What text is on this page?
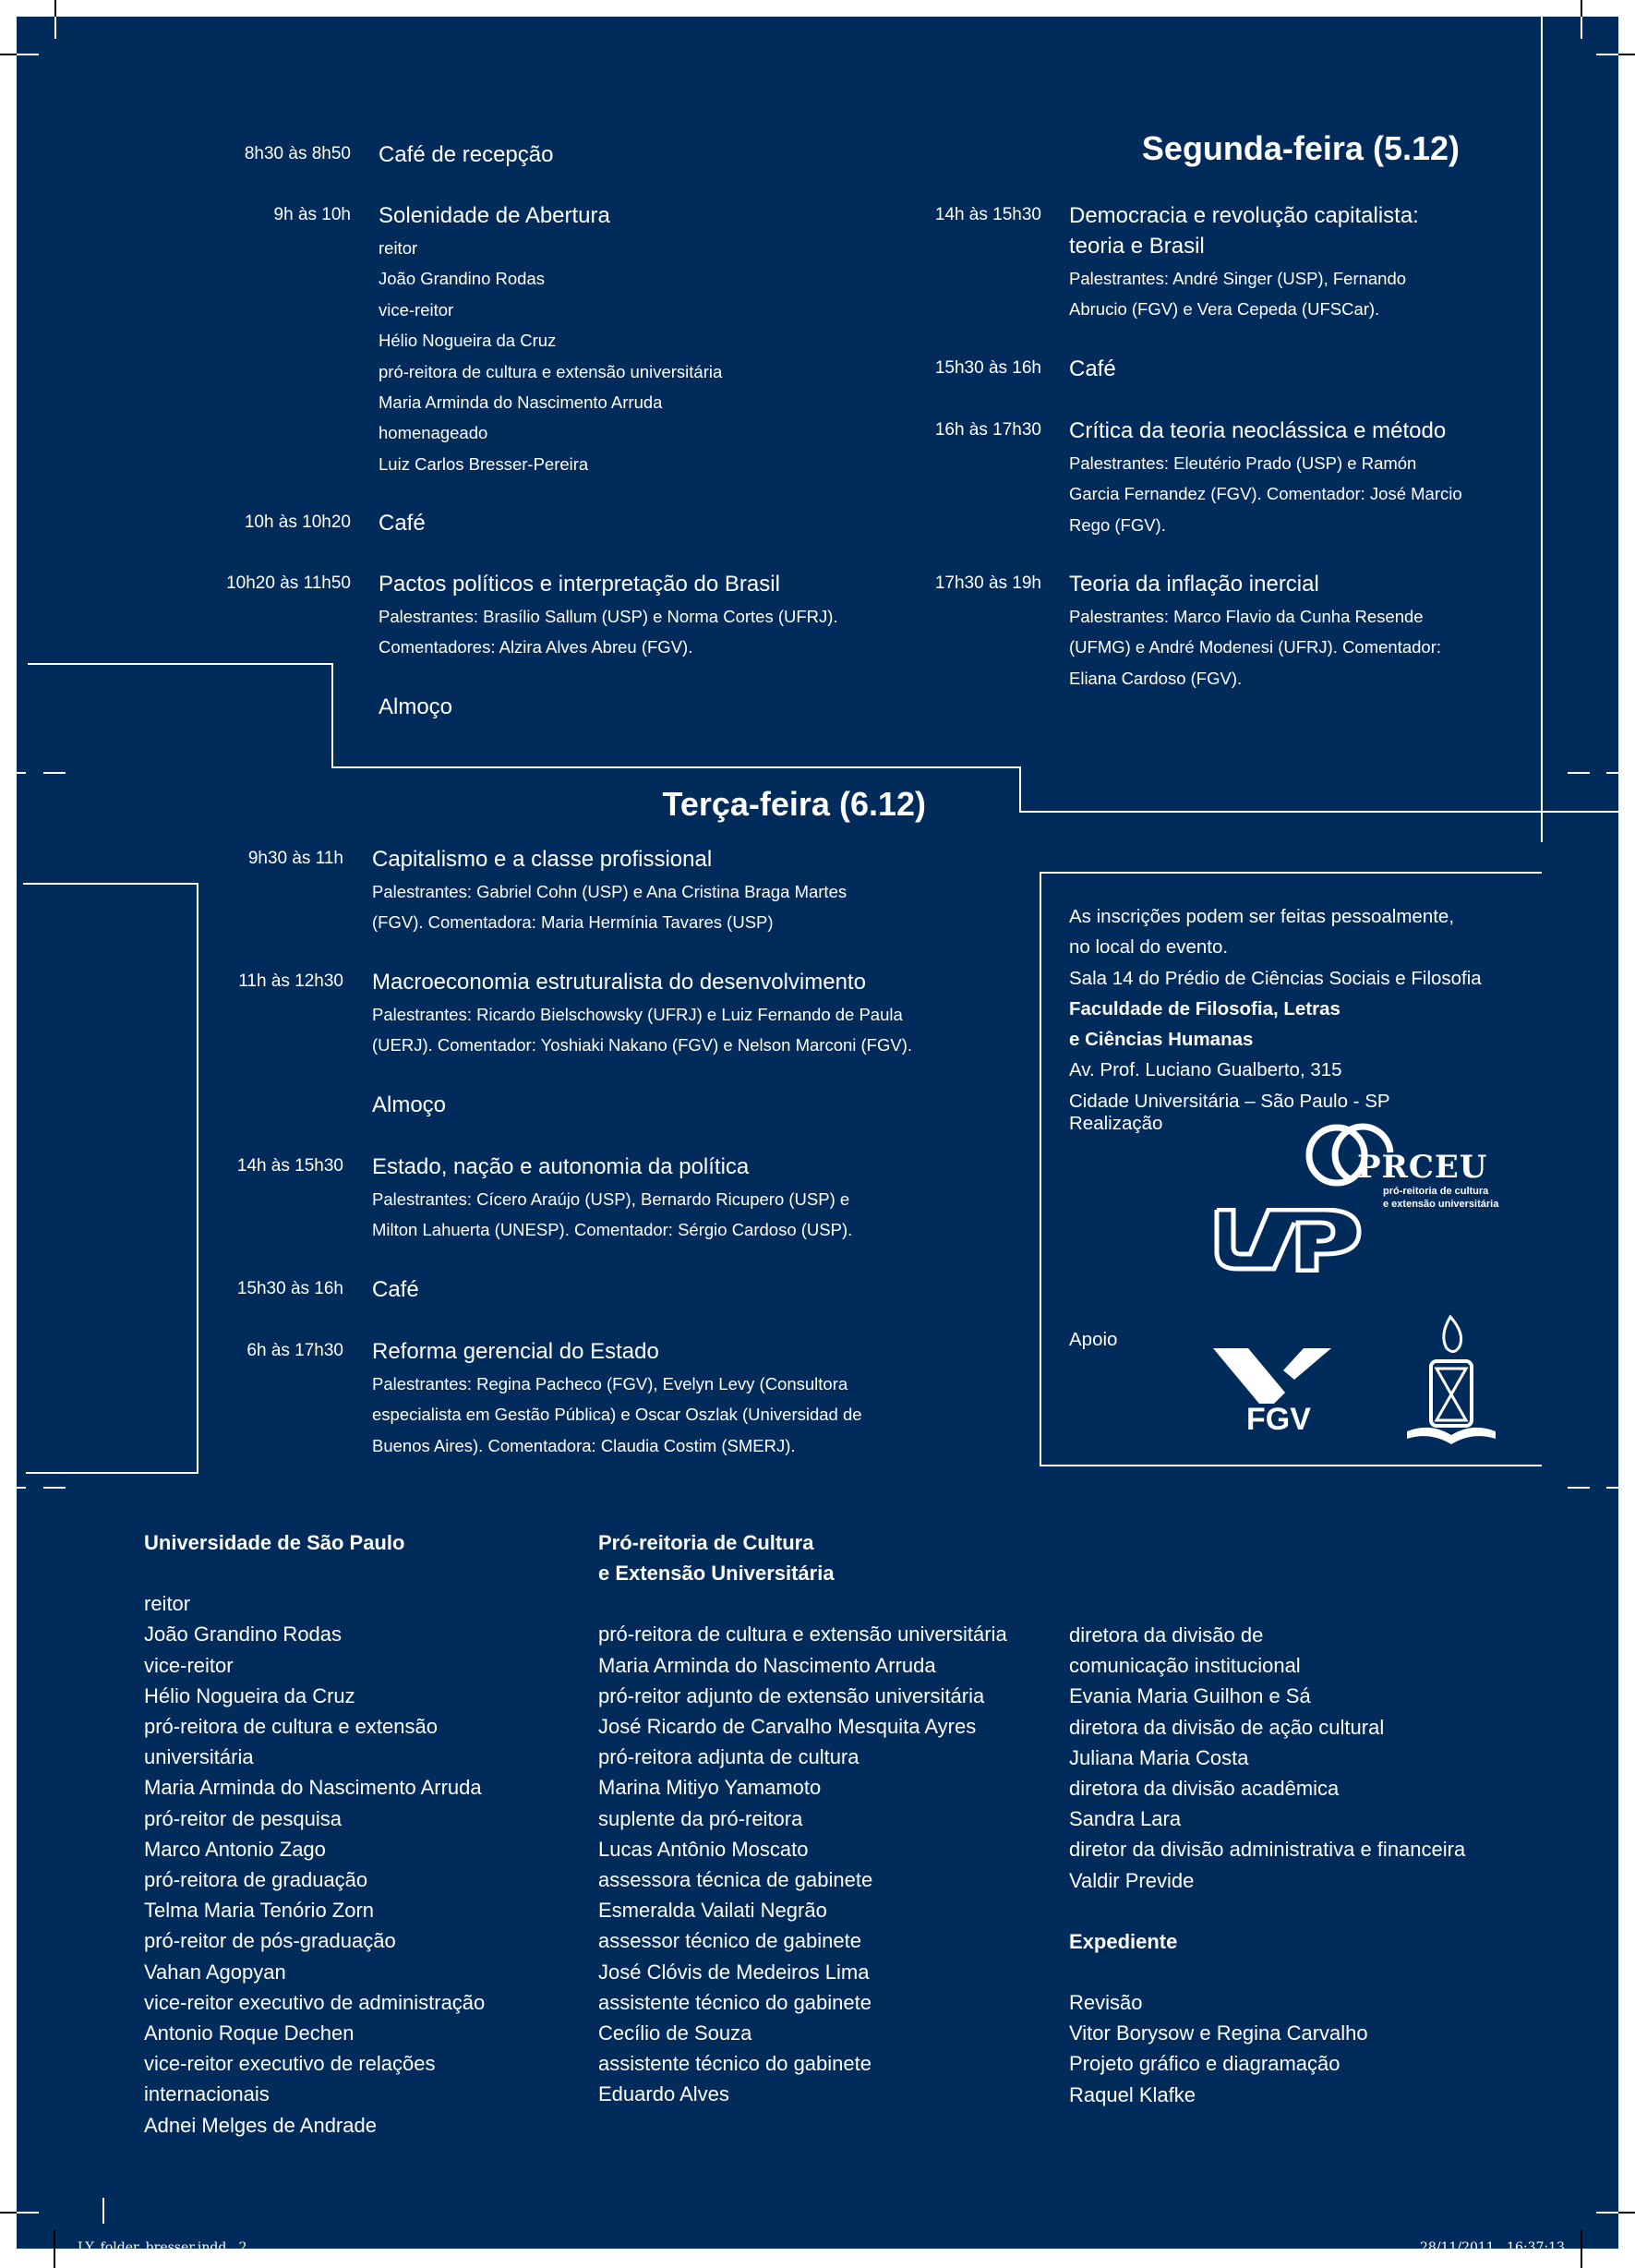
Segunda-feira (5.12)
8h30 às 8h50 Café de recepção
9h às 10h Solenidade de Abertura
reitor
João Grandino Rodas
vice-reitor
Hélio Nogueira da Cruz
pró-reitora de cultura e extensão universitária
Maria Arminda do Nascimento Arruda
homenageado
Luiz Carlos Bresser-Pereira
10h às 10h20 Café
10h20 às 11h50 Pactos políticos e interpretação do Brasil
Palestrantes: Brasílio Sallum (USP) e Norma Cortes (UFRJ).
Comentadores: Alzira Alves Abreu (FGV).
Almoço
14h às 15h30 Democracia e revolução capitalista:
teoria e Brasil
Palestrantes: André Singer (USP), Fernando
Abrucio (FGV) e Vera Cepeda (UFSCar).
15h30 às 16h Café
16h às 17h30 Crítica da teoria neoclássica e método
Palestrantes: Eleutério Prado (USP) e Ramón
Garcia Fernandez (FGV). Comentador: José Marcio
Rego (FGV).
17h30 às 19h Teoria da inflação inercial
Palestrantes: Marco Flavio da Cunha Resende
(UFMG) e André Modenesi (UFRJ). Comentador:
Eliana Cardoso (FGV).
Terça-feira (6.12)
9h30 às 11h Capitalismo e a classe profissional
Palestrantes: Gabriel Cohn (USP) e Ana Cristina Braga Martes
(FGV). Comentadora: Maria Hermínia Tavares (USP)
11h às 12h30 Macroeconomia estruturalista do desenvolvimento
Palestrantes: Ricardo Bielschowsky (UFRJ) e Luiz Fernando de Paula
(UERJ). Comentador: Yoshiaki Nakano (FGV) e Nelson Marconi (FGV).
Almoço
14h às 15h30 Estado, nação e autonomia da política
Palestrantes: Cícero Araújo (USP), Bernardo Ricupero (USP) e
Milton Lahuerta (UNESP). Comentador: Sérgio Cardoso (USP).
15h30 às 16h Café
6h às 17h30 Reforma gerencial do Estado
Palestrantes: Regina Pacheco (FGV), Evelyn Levy (Consultora
especialista em Gestão Pública) e Oscar Oszlak (Universidad de
Buenos Aires). Comentadora: Claudia Costim (SMERJ).
As inscrições podem ser feitas pessoalmente,
no local do evento.
Sala 14 do Prédio de Ciências Sociais e Filosofia
Faculdade de Filosofia, Letras
e Ciências Humanas
Av. Prof. Luciano Gualberto, 315
Cidade Universitária – São Paulo - SP
Realização
Apoio
PRCEU
pró-reitoria de cultura
e extensão universitária
FGV
Universidade de São Paulo
reitor
João Grandino Rodas
vice-reitor
Hélio Nogueira da Cruz
pró-reitora de cultura e extensão
universitária
Maria Arminda do Nascimento Arruda
pró-reitor de pesquisa
Marco Antonio Zago
pró-reitora de graduação
Telma Maria Tenório Zorn
pró-reitor de pós-graduação
Vahan Agopyan
vice-reitor executivo de administração
Antonio Roque Dechen
vice-reitor executivo de relações
internacionais
Adnei Melges de Andrade
Pró-reitoria de Cultura
e Extensão Universitária
pró-reitora de cultura e extensão universitária
Maria Arminda do Nascimento Arruda
pró-reitor adjunto de extensão universitária
José Ricardo de Carvalho Mesquita Ayres
pró-reitora adjunta de cultura
Marina Mitiyo Yamamoto
suplente da pró-reitora
Lucas Antônio Moscato
assessora técnica de gabinete
Esmeralda Vailati Negrão
assessor técnico de gabinete
José Clóvis de Medeiros Lima
assistente técnico do gabinete
Cecílio de Souza
assistente técnico do gabinete
Eduardo Alves
diretora da divisão de
comunicação institucional
Evania Maria Guilhon e Sá
diretora da divisão de ação cultural
Juliana Maria Costa
diretora da divisão acadêmica
Sandra Lara
diretor da divisão administrativa e financeira
Valdir Previde
Expediente
Revisão
Vitor Borysow e Regina Carvalho
Projeto gráfico e diagramação
Raquel Klafke
LY_folder_bresser.indd   2	28/11/2011   16:37:13
